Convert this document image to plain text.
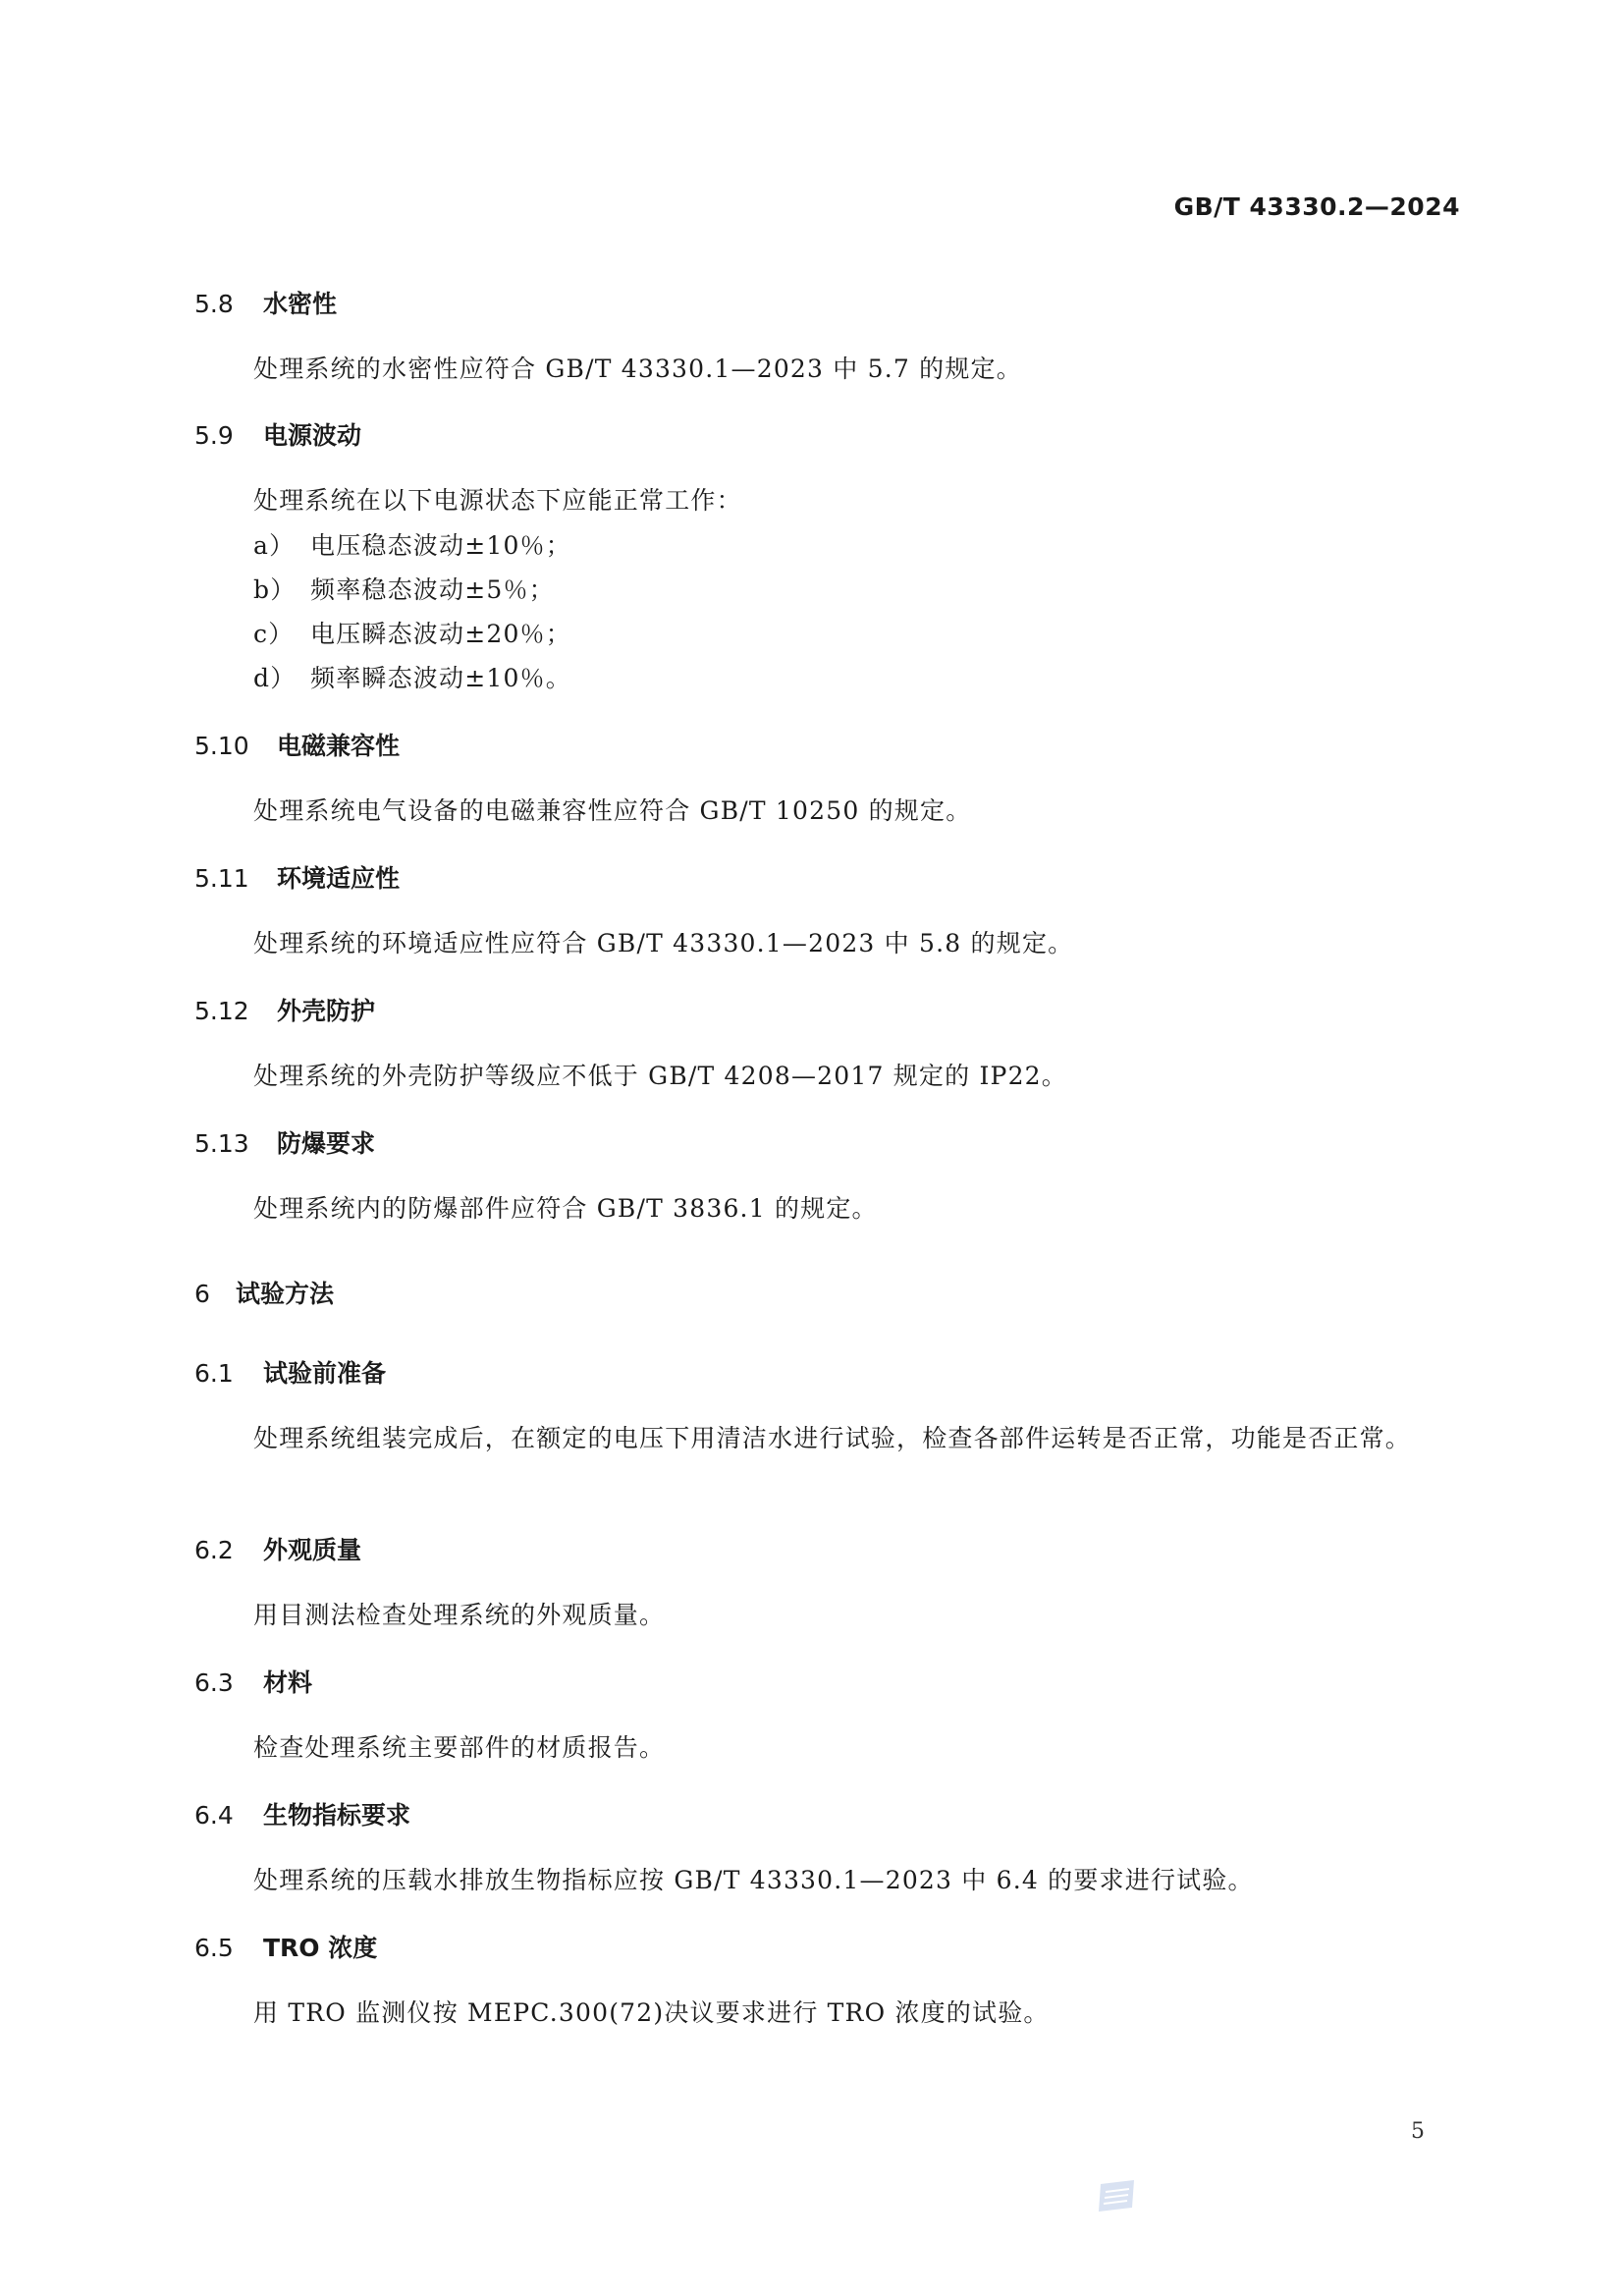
GB/T 43330.2—2024
5.8 水密性
处理系统的水密性应符合 GB/T 43330.1—2023 中 5.7 的规定。
5.9 电源波动
处理系统在以下电源状态下应能正常工作：
a） 电压稳态波动±10％；
b） 频率稳态波动±5％；
c） 电压瞬态波动±20％；
d） 频率瞬态波动±10％。
5.10 电磁兼容性
处理系统电气设备的电磁兼容性应符合 GB/T 10250 的规定。
5.11 环境适应性
处理系统的环境适应性应符合 GB/T 43330.1—2023 中 5.8 的规定。
5.12 外壳防护
处理系统的外壳防护等级应不低于 GB/T 4208—2017 规定的 IP22。
5.13 防爆要求
处理系统内的防爆部件应符合 GB/T 3836.1 的规定。
6 试验方法
6.1 试验前准备
处理系统组装完成后，在额定的电压下用清洁水进行试验，检查各部件运转是否正常，功能是否正常。
6.2 外观质量
用目测法检查处理系统的外观质量。
6.3 材料
检查处理系统主要部件的材质报告。
6.4 生物指标要求
处理系统的压载水排放生物指标应按 GB/T 43330.1—2023 中 6.4 的要求进行试验。
6.5 TRO 浓度
用 TRO 监测仪按 MEPC.300(72)决议要求进行 TRO 浓度的试验。
5
